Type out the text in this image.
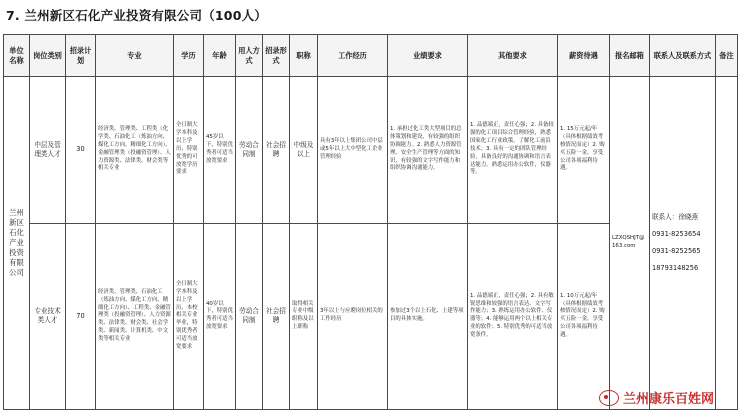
7. 兰州新区石化产业投资有限公司（100人）
单位名称	岗位类别	招录计划	专业	学历	年龄	用人方式	招录形式	职称	工作经历	业绩要求	其他要求	薪资待遇	报名邮箱	联系人及联系方式	备注
兰州新区石化产业投资有限公司	中层及管理类人才	30	经济类、管理类、工程类（化学类、石油化工（炼油方向、煤化工方向、精细化工方向）、金融管理类（投融资管理）、人力资源类、法律类、财会类等相关专业	全日制大学本科及以上学历，特别优秀的可放宽学历要求	45岁以下，特别优秀者可适当放宽要求	劳动合同制	社会招聘	中级及以上	具有3年以上集团公司中层或5年以上大中型化工企业管理经验	1. 承担过化工类大型项目的总体策划和建设，有较强的组织协调能力。2. 熟悉人力资源管理、安全生产管理等方面的知识，有较强的文字写作能力和组织协调沟通能力。	1. 品德端正，责任心强；2. 具备较强的化工项目综合管理经验，熟悉国家化工行业政策，了解化工前沿技术；3. 具有一定的团队管理经验，具备良好的沟通协调和语言表达能力，熟悉运用办公软件，仪器等。	1. 15万元起/年（具体根据绩效考核情况而定）2. 购买五险一金，享受公司各项福利待遇。	LZXQSHJT@163.com	联系人：徐晓燕
0931-8253654
0931-8252565
18793148256	

	专业技术类人才	70	经济类、管理类、石油化工（炼油方向、煤化工方向、精细化工方向）、工程类、金融管理类（投融资管理）、人力资源类、法律类、财会类、社会学类、新闻类、计算机类、中文类等相关专业	全日制大学本科及以上学历，本校相关专业毕业，特别优秀者可适当放宽要求	40岁以下，特别优秀者可适当放宽要求	劳动合同制	社会招聘	取得相关专业中级职称及以上职称	3年以上与应聘岗位相关的工作经历	参加过3个以上石化、土建等项目的具体实施。	1. 品德端正，责任心强；2. 具有敏锐思维和较强的语言表达、文字写作能力；3. 熟练运用办公软件、仪器等；4. 能够运用两个以上相关专业的软件；5. 特别优秀的可适当放宽条件。	1. 10万元起/年（具体根据绩效考核情况而定）2. 购买五险一金，享受公司各项福利待遇。			
兰州康乐百姓网
